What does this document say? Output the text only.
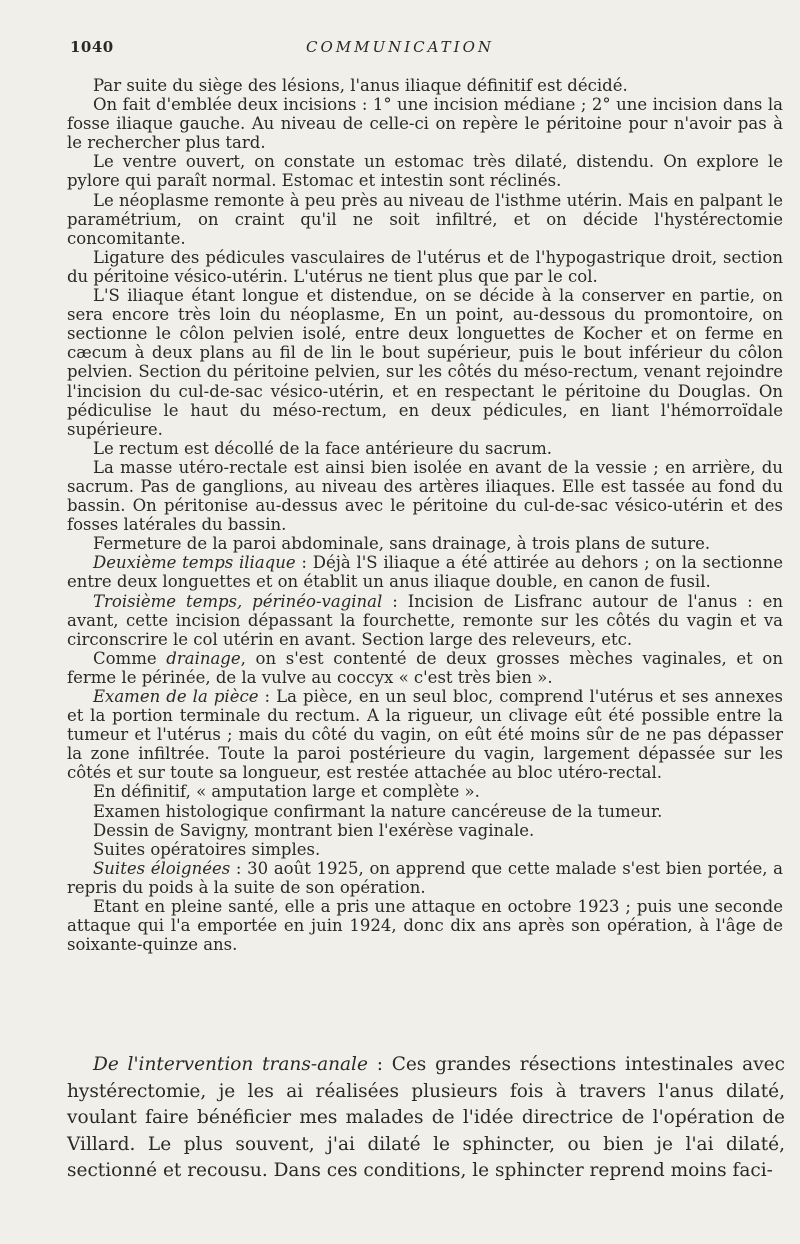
1040	COMMUNICATION

Par suite du siège des lésions, l'anus iliaque définitif est décidé.

On fait d'emblée deux incisions : 1° une incision médiane ; 2° une incision dans la fosse iliaque gauche. Au niveau de celle-ci on repère le péritoine pour n'avoir pas à le rechercher plus tard.

Le ventre ouvert, on constate un estomac très dilaté, distendu. On explore le pylore qui paraît normal. Estomac et intestin sont réclinés.

Le néoplasme remonte à peu près au niveau de l'isthme utérin. Mais en palpant le paramétrium, on craint qu'il ne soit infiltré, et on décide l'hystérectomie concomitante.

Ligature des pédicules vasculaires de l'utérus et de l'hypogastrique droit, section du péritoine vésico-utérin. L'utérus ne tient plus que par le col.

L'S iliaque étant longue et distendue, on se décide à la conserver en partie, on sera encore très loin du néoplasme, En un point, au-dessous du promontoire, on sectionne le côlon pelvien isolé, entre deux longuettes de Kocher et on ferme en cæcum à deux plans au fil de lin le bout supérieur, puis le bout inférieur du côlon pelvien. Section du péritoine pelvien, sur les côtés du méso-rectum, venant rejoindre l'incision du cul-de-sac vésico-utérin, et en respectant le péritoine du Douglas. On pédiculise le haut du méso-rectum, en deux pédicules, en liant l'hémorroïdale supérieure.

Le rectum est décollé de la face antérieure du sacrum.

La masse utéro-rectale est ainsi bien isolée en avant de la vessie ; en arrière, du sacrum. Pas de ganglions, au niveau des artères iliaques. Elle est tassée au fond du bassin. On péritonise au-dessus avec le péritoine du cul-de-sac vésico-utérin et des fosses latérales du bassin.

Fermeture de la paroi abdominale, sans drainage, à trois plans de suture.

Deuxième temps iliaque : Déjà l'S iliaque a été attirée au dehors ; on la sectionne entre deux longuettes et on établit un anus iliaque double, en canon de fusil.

Troisième temps, périnéo-vaginal : Incision de Lisfranc autour de l'anus : en avant, cette incision dépassant la fourchette, remonte sur les côtés du vagin et va circonscrire le col utérin en avant. Section large des releveurs, etc.

Comme drainage, on s'est contenté de deux grosses mèches vaginales, et on ferme le périnée, de la vulve au coccyx « c'est très bien ».

Examen de la pièce : La pièce, en un seul bloc, comprend l'utérus et ses annexes et la portion terminale du rectum. A la rigueur, un clivage eût été possible entre la tumeur et l'utérus ; mais du côté du vagin, on eût été moins sûr de ne pas dépasser la zone infiltrée. Toute la paroi postérieure du vagin, largement dépassée sur les côtés et sur toute sa longueur, est restée attachée au bloc utéro-rectal.

En définitif, « amputation large et complète ».

Examen histologique confirmant la nature cancéreuse de la tumeur.

Dessin de Savigny, montrant bien l'exérèse vaginale.

Suites opératoires simples.

Suites éloignées : 30 août 1925, on apprend que cette malade s'est bien portée, a repris du poids à la suite de son opération.

Etant en pleine santé, elle a pris une attaque en octobre 1923 ; puis une seconde attaque qui l'a emportée en juin 1924, donc dix ans après son opération, à l'âge de soixante-quinze ans.

De l'intervention trans-anale : Ces grandes résections intestinales avec hystérectomie, je les ai réalisées plusieurs fois à travers l'anus dilaté, voulant faire bénéficier mes malades de l'idée directrice de l'opération de Villard. Le plus souvent, j'ai dilaté le sphincter, ou bien je l'ai dilaté, sectionné et recousu. Dans ces conditions, le sphincter reprend moins faci-
